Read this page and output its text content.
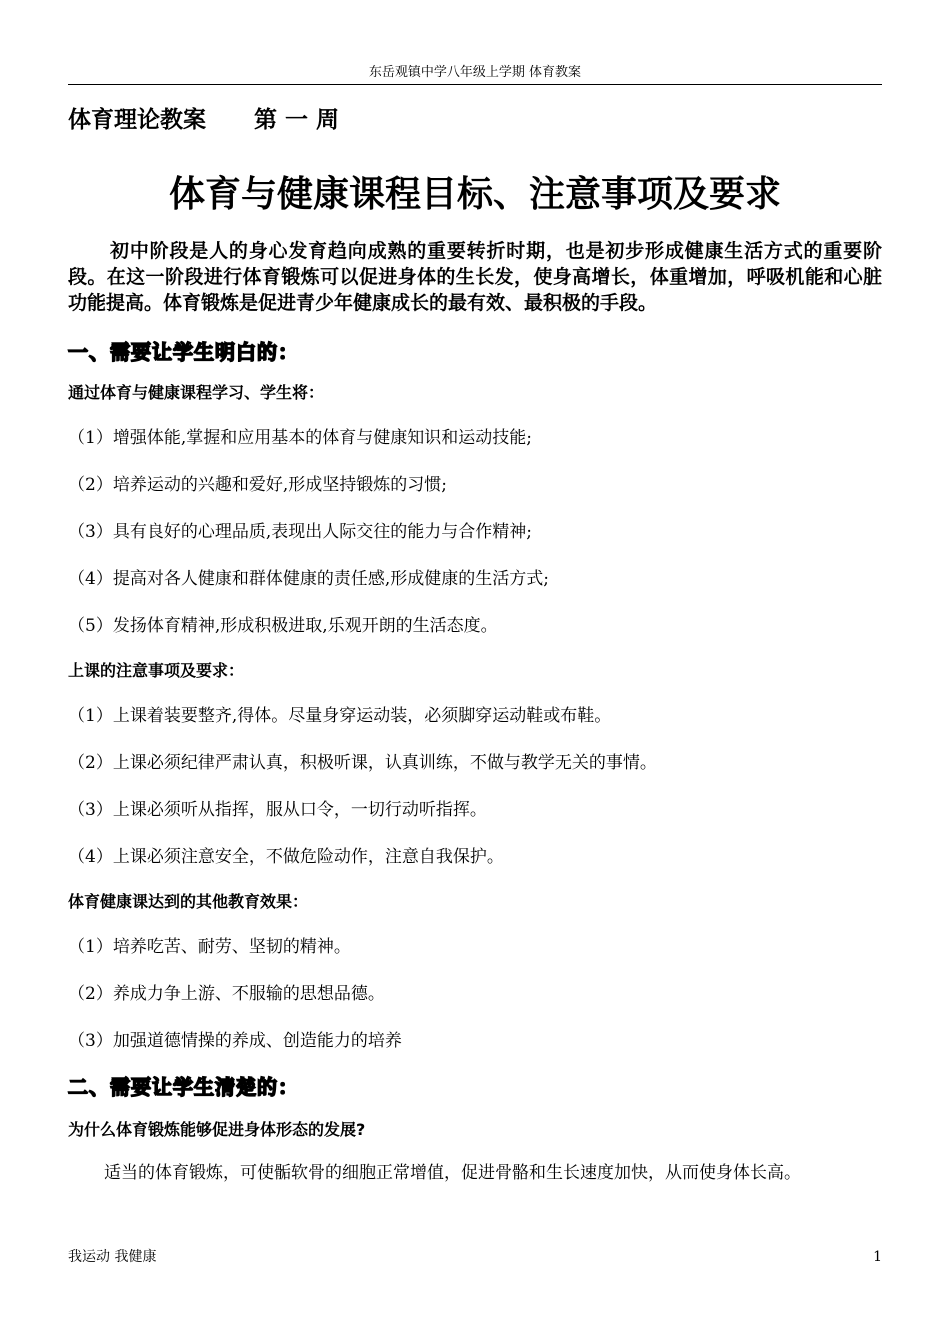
东岳观镇中学八年级上学期 体育教案

体育理论教案      第 一 周

体育与健康课程目标、注意事项及要求

初中阶段是人的身心发育趋向成熟的重要转折时期，也是初步形成健康生活方式的重要阶段。在这一阶段进行体育锻炼可以促进身体的生长发，使身高增长，体重增加，呼吸机能和心脏功能提高。体育锻炼是促进青少年健康成长的最有效、最积极的手段。

一、需要让学生明白的：

通过体育与健康课程学习、学生将：

（1）增强体能,掌握和应用基本的体育与健康知识和运动技能;

（2）培养运动的兴趣和爱好,形成坚持锻炼的习惯;

（3）具有良好的心理品质,表现出人际交往的能力与合作精神;

（4）提高对各人健康和群体健康的责任感,形成健康的生活方式;

（5）发扬体育精神,形成积极进取,乐观开朗的生活态度。

上课的注意事项及要求：

（1）上课着装要整齐,得体。尽量身穿运动装，必须脚穿运动鞋或布鞋。

（2）上课必须纪律严肃认真，积极听课，认真训练，不做与教学无关的事情。

（3）上课必须听从指挥，服从口令，一切行动听指挥。

（4）上课必须注意安全，不做危险动作，注意自我保护。

体育健康课达到的其他教育效果：

（1）培养吃苦、耐劳、坚韧的精神。

（2）养成力争上游、不服输的思想品德。

（3）加强道德情操的养成、创造能力的培养

二、需要让学生清楚的：

为什么体育锻炼能够促进身体形态的发展?

适当的体育锻炼，可使骺软骨的细胞正常增值，促进骨骼和生长速度加快，从而使身体长高。

我运动 我健康	1
